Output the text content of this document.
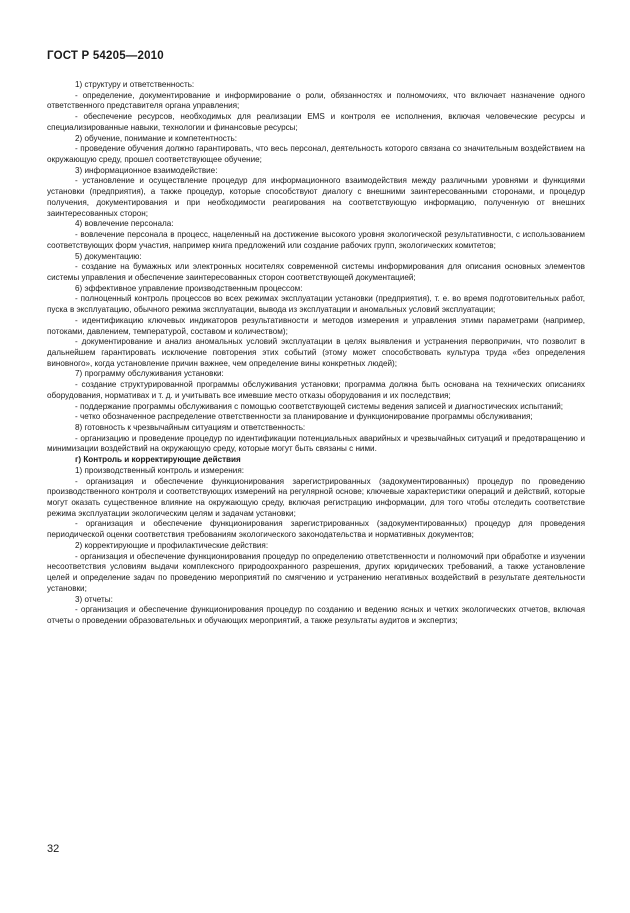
ГОСТ Р 54205—2010

1) структуру и ответственность:

- определение, документирование и информирование о роли, обязанностях и полномочиях, что включает назначение одного ответственного представителя органа управления;

- обеспечение ресурсов, необходимых для реализации EMS и контроля ее исполнения, включая человеческие ресурсы и специализированные навыки, технологии и финансовые ресурсы;

2) обучение, понимание и компетентность:

- проведение обучения должно гарантировать, что весь персонал, деятельность которого связана со значительным воздействием на окружающую среду, прошел соответствующее обучение;

3) информационное взаимодействие:

- установление и осуществление процедур для информационного взаимодействия между различными уровнями и функциями установки (предприятия), а также процедур, которые способствуют диалогу с внешними заинтересованными сторонами, и процедур получения, документирования и при необходимости реагирования на соответствующую информацию, полученную от внешних заинтересованных сторон;

4) вовлечение персонала:

- вовлечение персонала в процесс, нацеленный на достижение высокого уровня экологической результативности, с использованием соответствующих форм участия, например книга предложений или создание рабочих групп, экологических комитетов;

5) документацию:

- создание на бумажных или электронных носителях современной системы информирования для описания основных элементов системы управления и обеспечение заинтересованных сторон соответствующей документацией;

6) эффективное управление производственным процессом:

- полноценный контроль процессов во всех режимах эксплуатации установки (предприятия), т. е. во время подготовительных работ, пуска в эксплуатацию, обычного режима эксплуатации, вывода из эксплуатации и аномальных условий эксплуатации;

- идентификацию ключевых индикаторов результативности и методов измерения и управления этими параметрами (например, потоками, давлением, температурой, составом и количеством);

- документирование и анализ аномальных условий эксплуатации в целях выявления и устранения первопричин, что позволит в дальнейшем гарантировать исключение повторения этих событий (этому может способствовать культура труда «без определения виновного», когда установление причин важнее, чем определение вины конкретных людей);

7) программу обслуживания установки:

- создание структурированной программы обслуживания установки; программа должна быть основана на технических описаниях оборудования, нормативах и т. д. и учитывать все имевшие место отказы оборудования и их последствия;

- поддержание программы обслуживания с помощью соответствующей системы ведения записей и диагностических испытаний;

- четко обозначенное распределение ответственности за планирование и функционирование программы обслуживания;

8) готовность к чрезвычайным ситуациям и ответственность:

- организацию и проведение процедур по идентификации потенциальных аварийных и чрезвычайных ситуаций и предотвращению и минимизации воздействий на окружающую среду, которые могут быть связаны с ними.

г) Контроль и корректирующие действия

1) производственный контроль и измерения:

- организация и обеспечение функционирования зарегистрированных (задокументированных) процедур по проведению производственного контроля и соответствующих измерений на регулярной основе; ключевые характеристики операций и действий, которые могут оказать существенное влияние на окружающую среду, включая регистрацию информации, для того чтобы отследить соответствие режима эксплуатации экологическим целям и задачам установки;

- организация и обеспечение функционирования зарегистрированных (задокументированных) процедур для проведения периодической оценки соответствия требованиям экологического законодательства и нормативных документов;

2) корректирующие и профилактические действия:

- организация и обеспечение функционирования процедур по определению ответственности и полномочий при обработке и изучении несоответствия условиям выдачи комплексного природоохранного разрешения, других юридических требований, а также установление целей и определение задач по проведению мероприятий по смягчению и устранению негативных воздействий в результате деятельности установки;

3) отчеты:

- организация и обеспечение функционирования процедур по созданию и ведению ясных и четких экологических отчетов, включая отчеты о проведении образовательных и обучающих мероприятий, а также результаты аудитов и экспертиз;

32
